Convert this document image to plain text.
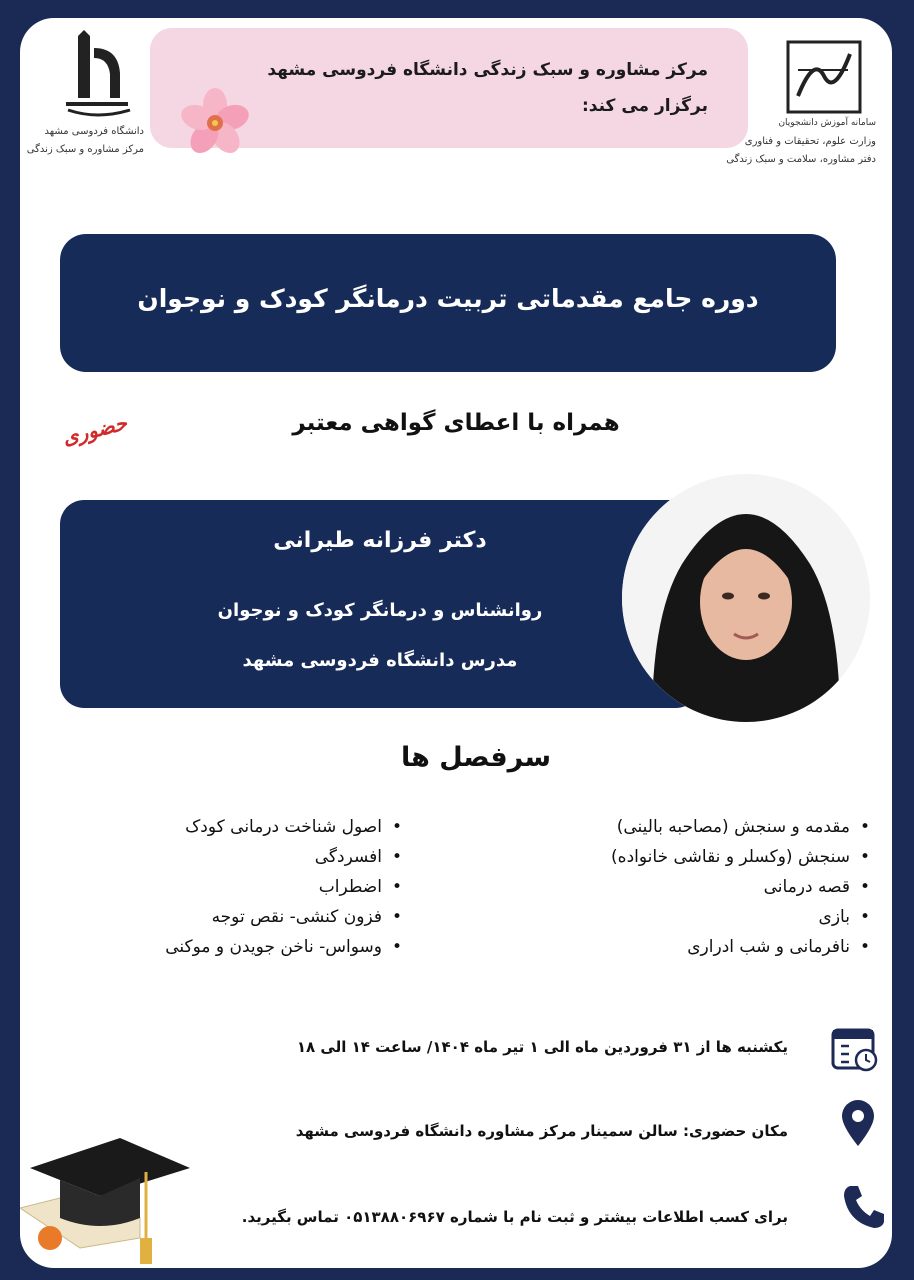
دانشگاه فردوسی مشهد
مرکز مشاوره و سبک زندگی
مرکز مشاوره و سبک زندگی دانشگاه فردوسی مشهد
برگزار می کند:
سامانه آموزش دانشجویان
وزارت علوم، تحقیقات و فناوری
دفتر مشاوره، سلامت و سبک زندگی
دوره جامع مقدماتی تربیت درمانگر کودک و نوجوان
همراه با اعطای گواهی معتبر
حضوری
دکتر فرزانه طیرانی
روانشناس و درمانگر کودک و نوجوان
مدرس دانشگاه فردوسی مشهد
سرفصل ها
• مقدمه و سنجش (مصاحبه بالینی)
• سنجش (وکسلر و نقاشی خانواده)
• قصه درمانی
• بازی
• نافرمانی و شب ادراری
• اصول شناخت درمانی کودک
• افسردگی
• اضطراب
• فزون کنشی- نقص توجه
• وسواس- ناخن جویدن و موکنی
یکشنبه ها از ۳۱ فروردین ماه الی ۱ تیر ماه ۱۴۰۴/ ساعت ۱۴ الی ۱۸
مکان حضوری: سالن سمینار مرکز مشاوره دانشگاه فردوسی مشهد
برای کسب اطلاعات بیشتر و ثبت نام با شماره ۰۵۱۳۸۸۰۶۹۶۷ تماس بگیرید.
